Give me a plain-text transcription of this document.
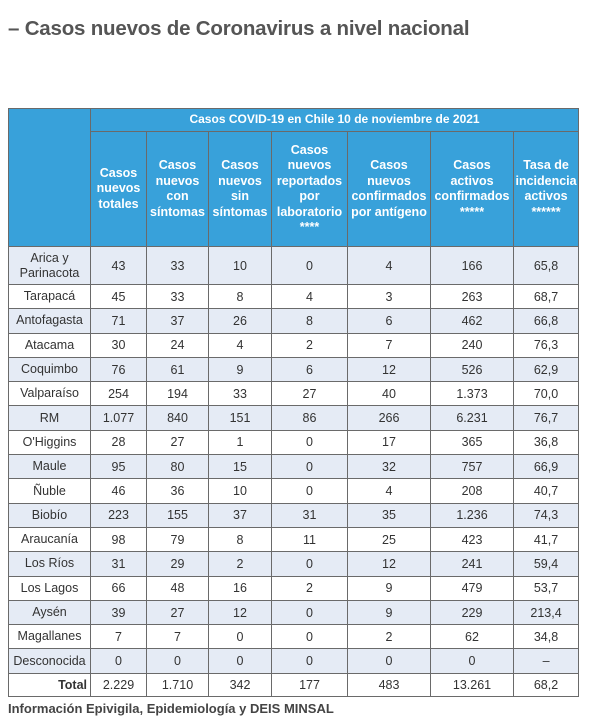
– Casos nuevos de Coronavirus a nivel nacional
	Casos COVID-19 en Chile 10 de noviembre de 2021						
	Casos nuevos totales	Casos nuevos con síntomas	Casos nuevos sin síntomas	Casos nuevos reportados por laboratorio ****	Casos nuevos confirmados por antígeno	Casos activos confirmados *****	Tasa de incidencia activos ******
Arica y Parinacota	43	33	10	0	4	166	65,8
Tarapacá	45	33	8	4	3	263	68,7
Antofagasta	71	37	26	8	6	462	66,8
Atacama	30	24	4	2	7	240	76,3
Coquimbo	76	61	9	6	12	526	62,9
Valparaíso	254	194	33	27	40	1.373	70,0
RM	1.077	840	151	86	266	6.231	76,7
O'Higgins	28	27	1	0	17	365	36,8
Maule	95	80	15	0	32	757	66,9
Ñuble	46	36	10	0	4	208	40,7
Biobío	223	155	37	31	35	1.236	74,3
Araucanía	98	79	8	11	25	423	41,7
Los Ríos	31	29	2	0	12	241	59,4
Los Lagos	66	48	16	2	9	479	53,7
Aysén	39	27	12	0	9	229	213,4
Magallanes	7	7	0	0	2	62	34,8
Desconocida	0	0	0	0	0	0	–
Total	2.229	1.710	342	177	483	13.261	68,2
Información Epivigila, Epidemiología y DEIS MINSAL
